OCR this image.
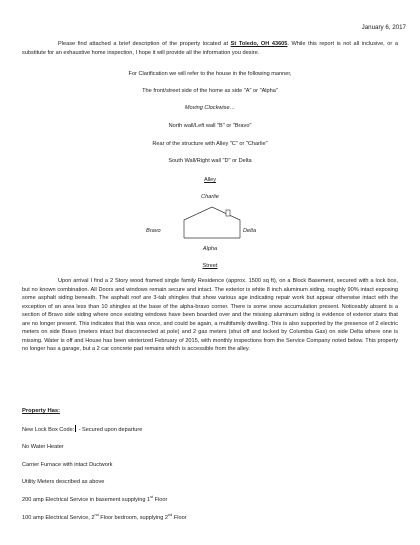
January 6, 2017

Please find attached a brief description of the property located at St Toledo, OH 43605. While this report is not all inclusive, or a substitute for an exhaustive home inspection, I hope it will provide all the information you desire.

For Clarification we will refer to the house in the following manner,
The front/street side of the home as side "A" or "Alpha"
Moving Clockwise…
North wall/Left wall "B" or "Bravo"
Rear of the structure with Alley "C" or "Charlie"
South Wall/Right wall "D" or Delta
Alley
Charlie
Bravo	Delta
Alpha
Street

Upon arrival I find a 2 Story wood framed single family Residence (approx. 1500 sq ft), on a Block Basement, secured with a lock box, but no known combination. All Doors and windows remain secure and intact. The exterior is white 8 inch aluminum siding, roughly 90% intact exposing some asphalt siding beneath. The asphalt roof are 3-tab shingles that show various age indicating repair work but appear otherwise intact with the exception of an area less than 10 shingles at the base of the alpha-bravo corner. There is some snow accumulation present. Noticeably absent is a section of Bravo side siding where once existing windows have been boarded over and the missing aluminum siding is evidence of exterior stairs that are no longer present. This indicates that this was once, and could be again, a multifamily dwelling. This is also supported by the presence of 2 electric meters on side Bravo (meters intact but disconnected at pole) and 2 gas meters (shut off and locked by Columbia Gas) on side Delta where one is missing. Water is off and House has been winterized February of 2015, with monthly inspections from the Service Company noted below. This property no longer has a garage, but a 2 car concrete pad remains which is accessible from the alley.

Property Has:
New Lock Box Code: - Secured upon departure
No Water Heater
Carrier Furnace with intact Ductwork
Utility Meters described as above
200 amp Electrical Service in basement supplying 1st Floor
100 amp Electrical Service, 2nd Floor bedroom, supplying 2nd Floor
